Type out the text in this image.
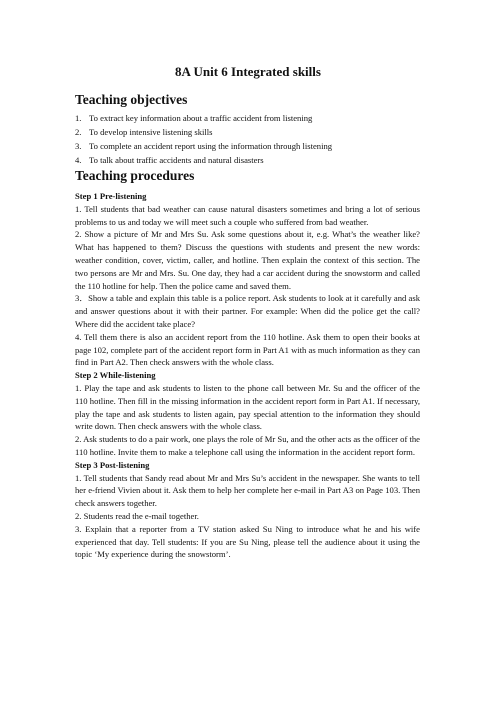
8A Unit 6 Integrated skills
Teaching objectives
1. To extract key information about a traffic accident from listening
2. To develop intensive listening skills
3. To complete an accident report using the information through listening
4. To talk about traffic accidents and natural disasters
Teaching procedures

Step 1 Pre-listening

1. Tell students that bad weather can cause natural disasters sometimes and bring a lot of serious problems to us and today we will meet such a couple who suffered from bad weather.

2. Show a picture of Mr and Mrs Su. Ask some questions about it, e.g. What’s the weather like? What has happened to them? Discuss the questions with students and present the new words: weather condition, cover, victim, caller, and hotline. Then explain the context of this section. The two persons are Mr and Mrs. Su. One day, they had a car accident during the snowstorm and called the 110 hotline for help. Then the police came and saved them.

3．Show a table and explain this table is a police report. Ask students to look at it carefully and ask and answer questions about it with their partner. For example: When did the police get the call? Where did the accident take place?

4. Tell them there is also an accident report from the 110 hotline. Ask them to open their books at page 102, complete part of the accident report form in Part A1 with as much information as they can find in Part A2. Then check answers with the whole class.

Step 2 While-listening

1. Play the tape and ask students to listen to the phone call between Mr. Su and the officer of the 110 hotline. Then fill in the missing information in the accident report form in Part A1. If necessary, play the tape and ask students to listen again, pay special attention to the information they should write down. Then check answers with the whole class.

2. Ask students to do a pair work, one plays the role of Mr Su, and the other acts as the officer of the 110 hotline. Invite them to make a telephone call using the information in the accident report form.

Step 3 Post-listening

1. Tell students that Sandy read about Mr and Mrs Su’s accident in the newspaper. She wants to tell her e-friend Vivien about it. Ask them to help her complete her e-mail in Part A3 on Page 103. Then check answers together.

2. Students read the e-mail together.

3. Explain that a reporter from a TV station asked Su Ning to introduce what he and his wife experienced that day. Tell students: If you are Su Ning, please tell the audience about it using the topic ‘My experience during the snowstorm’.
